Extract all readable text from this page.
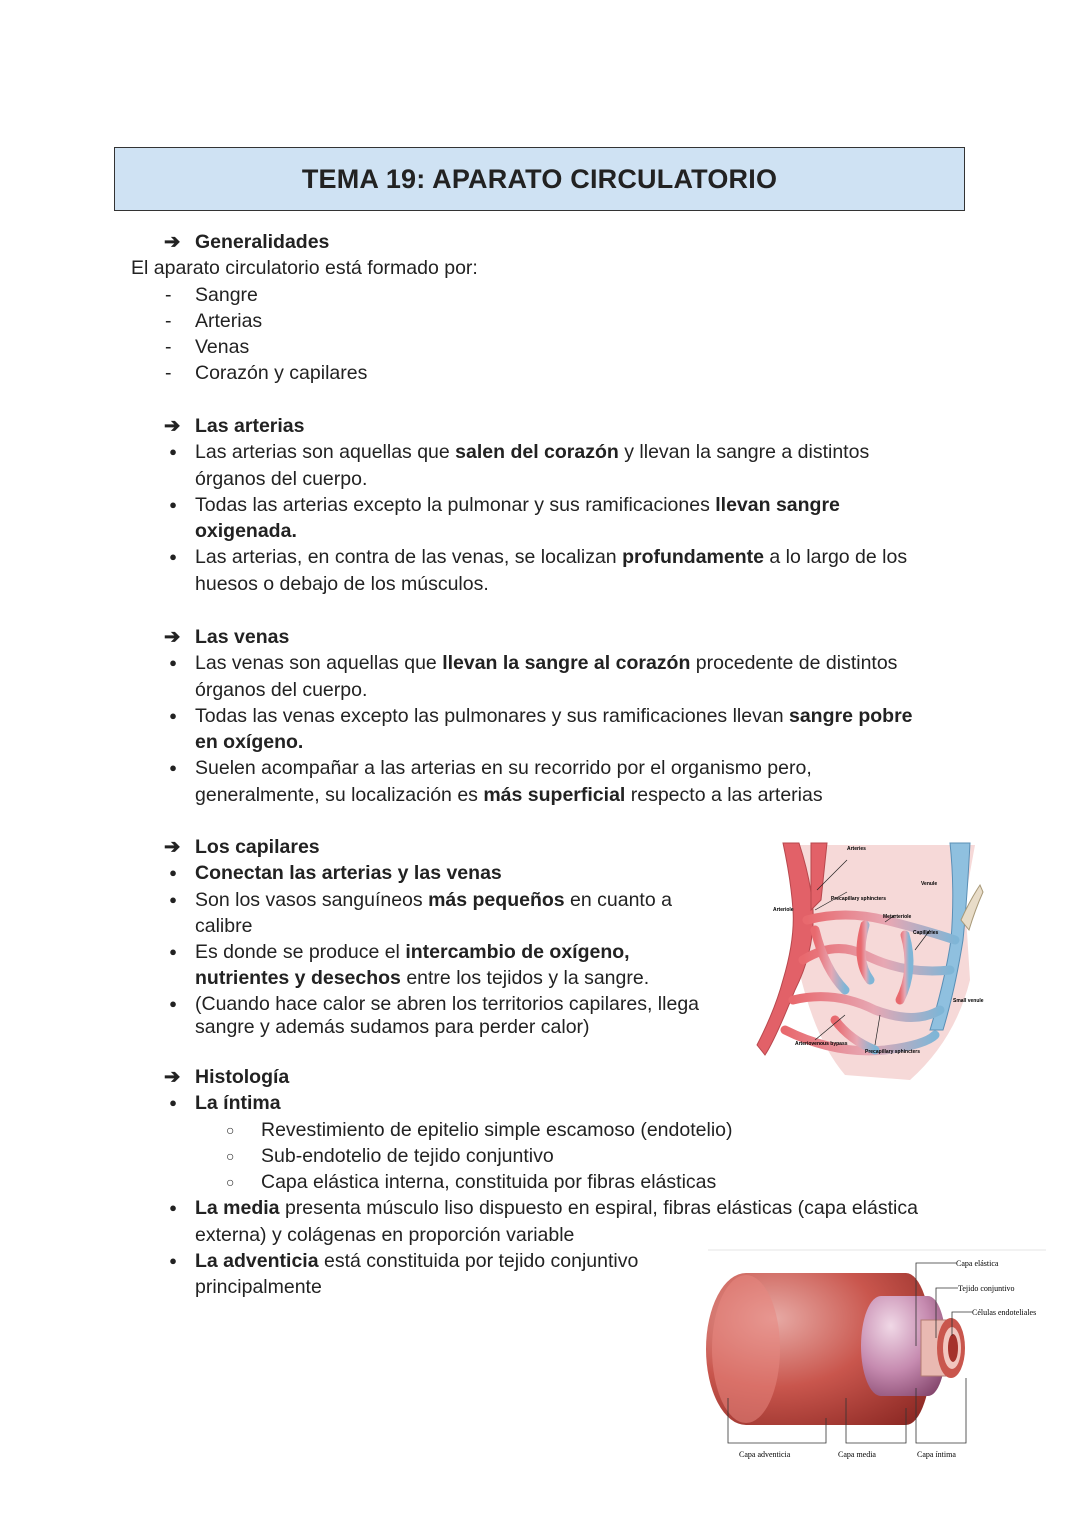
TEMA 19: APARATO CIRCULATORIO
➔ Generalidades
El aparato circulatorio está formado por:
- Sangre
- Arterias
- Venas
- Corazón y capilares
➔ Las arterias
● Las arterias son aquellas que salen del corazón y llevan la sangre a distintos
órganos del cuerpo.
● Todas las arterias excepto la pulmonar y sus ramificaciones llevan sangre
oxigenada.
● Las arterias, en contra de las venas, se localizan profundamente a lo largo de los
huesos o debajo de los músculos.
➔ Las venas
● Las venas son aquellas que llevan la sangre al corazón procedente de distintos
órganos del cuerpo.
● Todas las venas excepto las pulmonares y sus ramificaciones llevan sangre pobre
en oxígeno.
● Suelen acompañar a las arterias en su recorrido por el organismo pero,
generalmente, su localización es más superficial respecto a las arterias
➔ Los capilares
● Conectan las arterias y las venas
● Son los vasos sanguíneos más pequeños en cuanto a
calibre
● Es donde se produce el intercambio de oxígeno,
nutrientes y desechos entre los tejidos y la sangre.
● (Cuando hace calor se abren los territorios capilares, llega
sangre y además sudamos para perder calor)
➔ Histología
● La íntima
○ Revestimiento de epitelio simple escamoso (endotelio)
○ Sub-endotelio de tejido conjuntivo
○ Capa elástica interna, constituida por fibras elásticas
● La media presenta músculo liso dispuesto en espiral, fibras elásticas (capa elástica
externa) y colágenas en proporción variable
● La adventicia está constituida por tejido conjuntivo
principalmente
Arteries
Venule
Arteriole
Precapillary sphincters
Metarteriole
Capillaries
Small venule
Arteriovenous bypass
Precapillary sphincters
Capa elástica
Tejido conjuntivo
Células endoteliales
Capa adventicia	Capa media	Capa íntima
